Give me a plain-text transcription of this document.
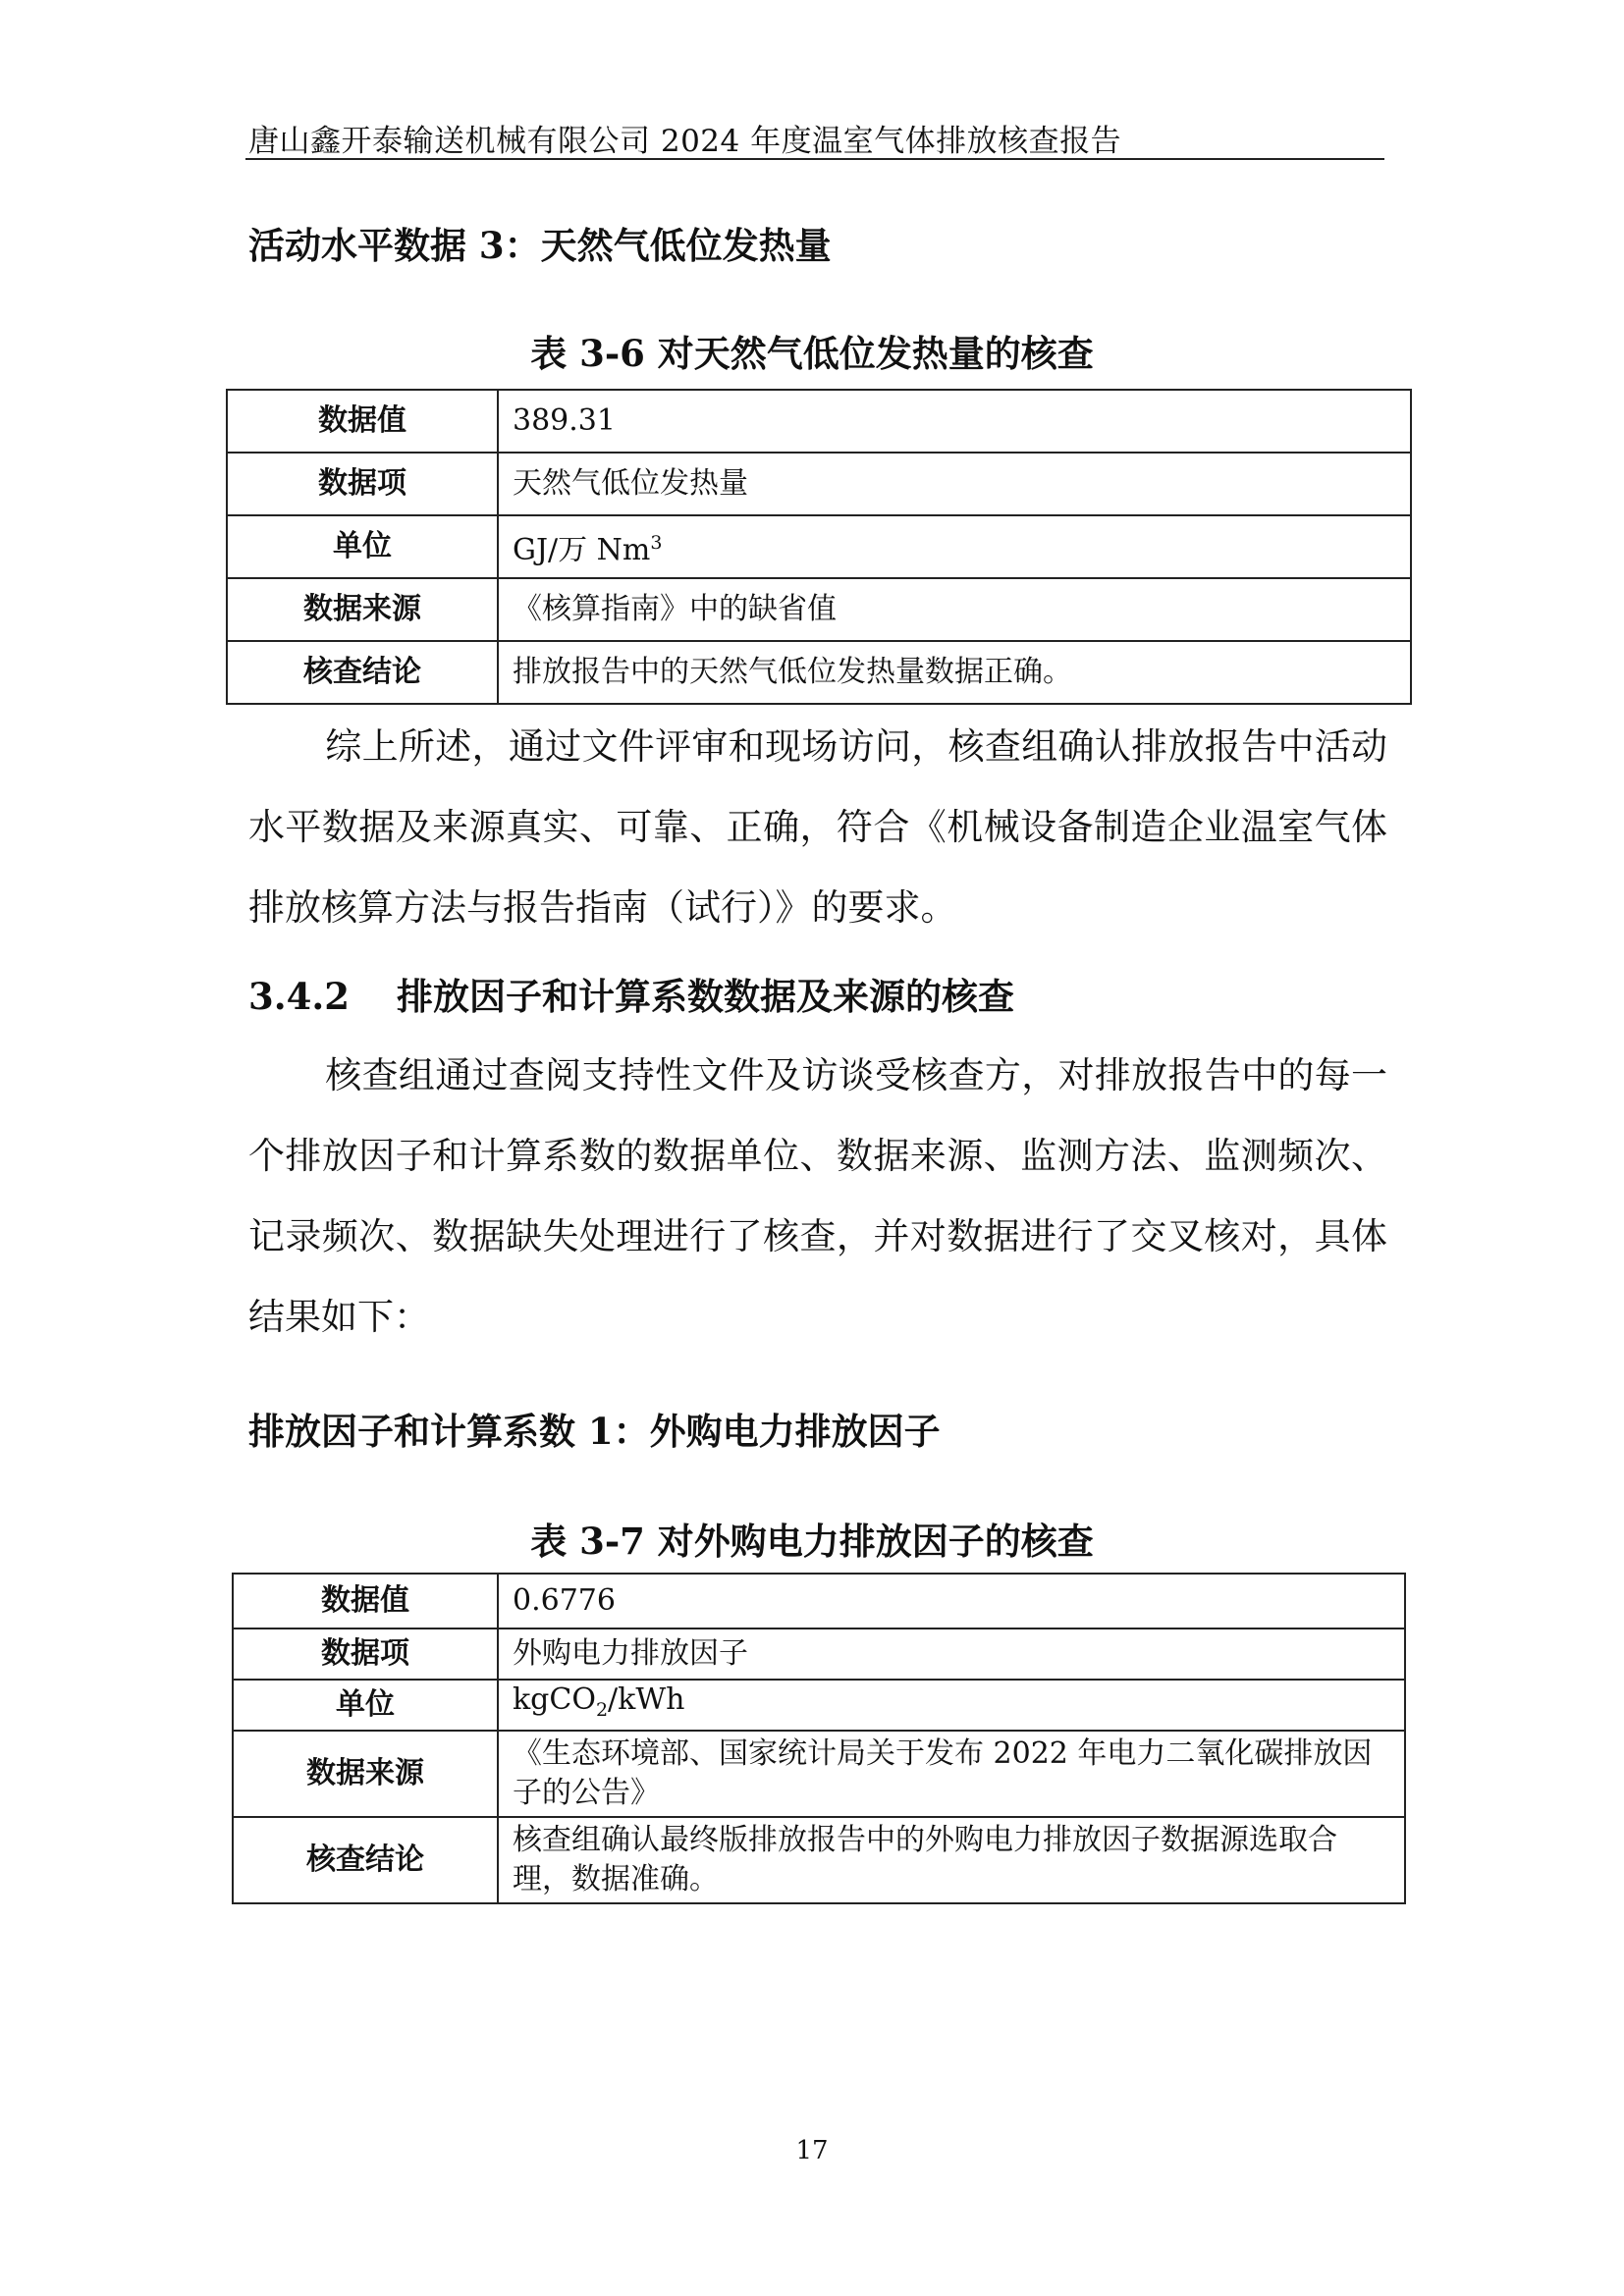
唐山鑫开泰输送机械有限公司 2024 年度温室气体排放核查报告
活动水平数据 3：天然气低位发热量
表 3-6 对天然气低位发热量的核查
数据值	389.31
数据项	天然气低位发热量
单位	GJ/万 Nm$^3$
数据来源	《核算指南》中的缺省值
核查结论	排放报告中的天然气低位发热量数据正确。
综上所述，通过文件评审和现场访问，核查组确认排放报告中活动水平数据及来源真实、可靠、正确，符合《机械设备制造企业温室气体排放核算方法与报告指南（试行）》的要求。
3.4.2 排放因子和计算系数数据及来源的核查
核查组通过查阅支持性文件及访谈受核查方，对排放报告中的每一个排放因子和计算系数的数据单位、数据来源、监测方法、监测频次、记录频次、数据缺失处理进行了核查，并对数据进行了交叉核对，具体结果如下：
排放因子和计算系数 1：外购电力排放因子
表 3-7 对外购电力排放因子的核查
数据值	0.6776
数据项	外购电力排放因子
单位	kgCO$_2$/kWh
数据来源	《生态环境部、国家统计局关于发布 2022 年电力二氧化碳排放因子的公告》
核查结论	核查组确认最终版排放报告中的外购电力排放因子数据源选取合理，数据准确。
17
